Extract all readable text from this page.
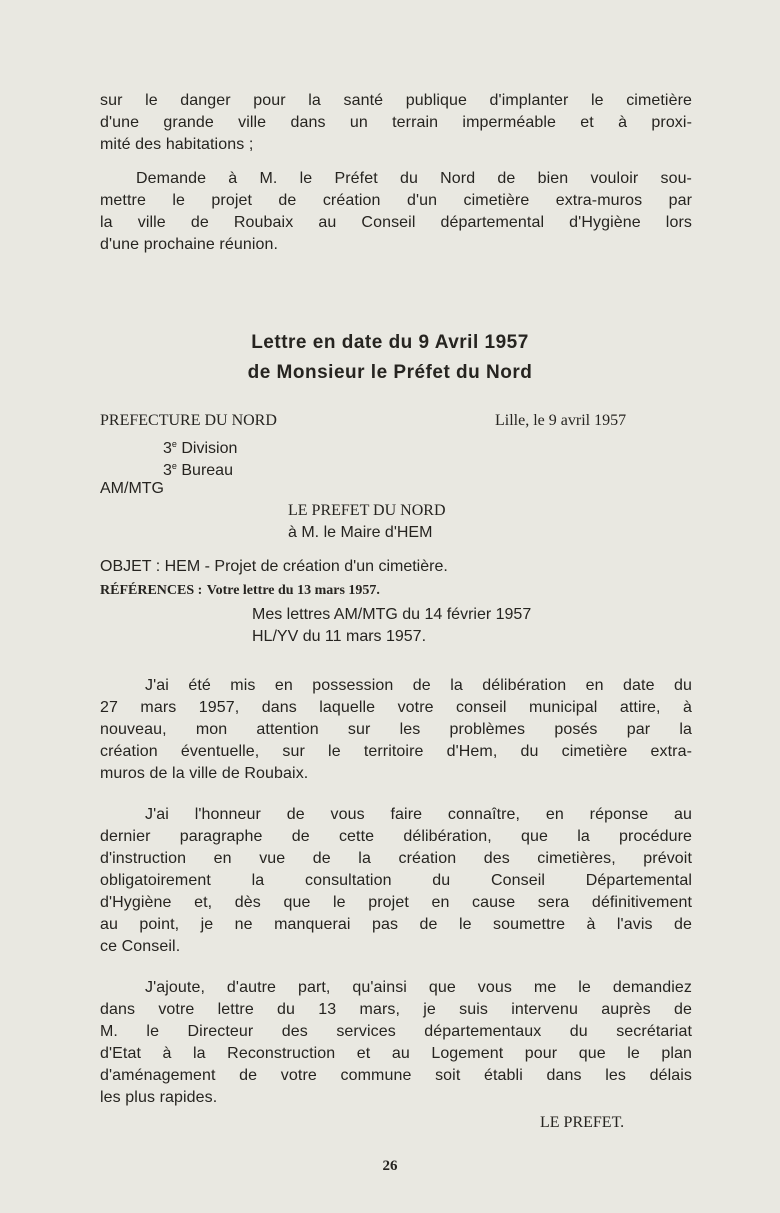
sur le danger pour la santé publique d'implanter le cimetière
d'une grande ville dans un terrain imperméable et à proxi-
mité des habitations ;
Demande à M. le Préfet du Nord de bien vouloir sou-
mettre le projet de création d'un cimetière extra-muros par
la ville de Roubaix au Conseil départemental d'Hygiène lors
d'une prochaine réunion.
Lettre en date du 9 Avril 1957
de Monsieur le Préfet du Nord
PREFECTURE DU NORD	Lille, le 9 avril 1957
3e Division
3e Bureau
AM/MTG
LE PREFET DU NORD
à M. le Maire d'HEM
OBJET : HEM - Projet de création d'un cimetière.
RÉFÉRENCES : Votre lettre du 13 mars 1957.
Mes lettres AM/MTG du 14 février 1957
HL/YV du 11 mars 1957.
J'ai été mis en possession de la délibération en date du
27 mars 1957, dans laquelle votre conseil municipal attire, à
nouveau, mon attention sur les problèmes posés par la
création éventuelle, sur le territoire d'Hem, du cimetière extra-
muros de la ville de Roubaix.
J'ai l'honneur de vous faire connaître, en réponse au
dernier paragraphe de cette délibération, que la procédure
d'instruction en vue de la création des cimetières, prévoit
obligatoirement la consultation du Conseil Départemental
d'Hygiène et, dès que le projet en cause sera définitivement
au point, je ne manquerai pas de le soumettre à l'avis de
ce Conseil.
J'ajoute, d'autre part, qu'ainsi que vous me le demandiez
dans votre lettre du 13 mars, je suis intervenu auprès de
M. le Directeur des services départementaux du secrétariat
d'Etat à la Reconstruction et au Logement pour que le plan
d'aménagement de votre commune soit établi dans les délais
les plus rapides.
LE PREFET.
26
